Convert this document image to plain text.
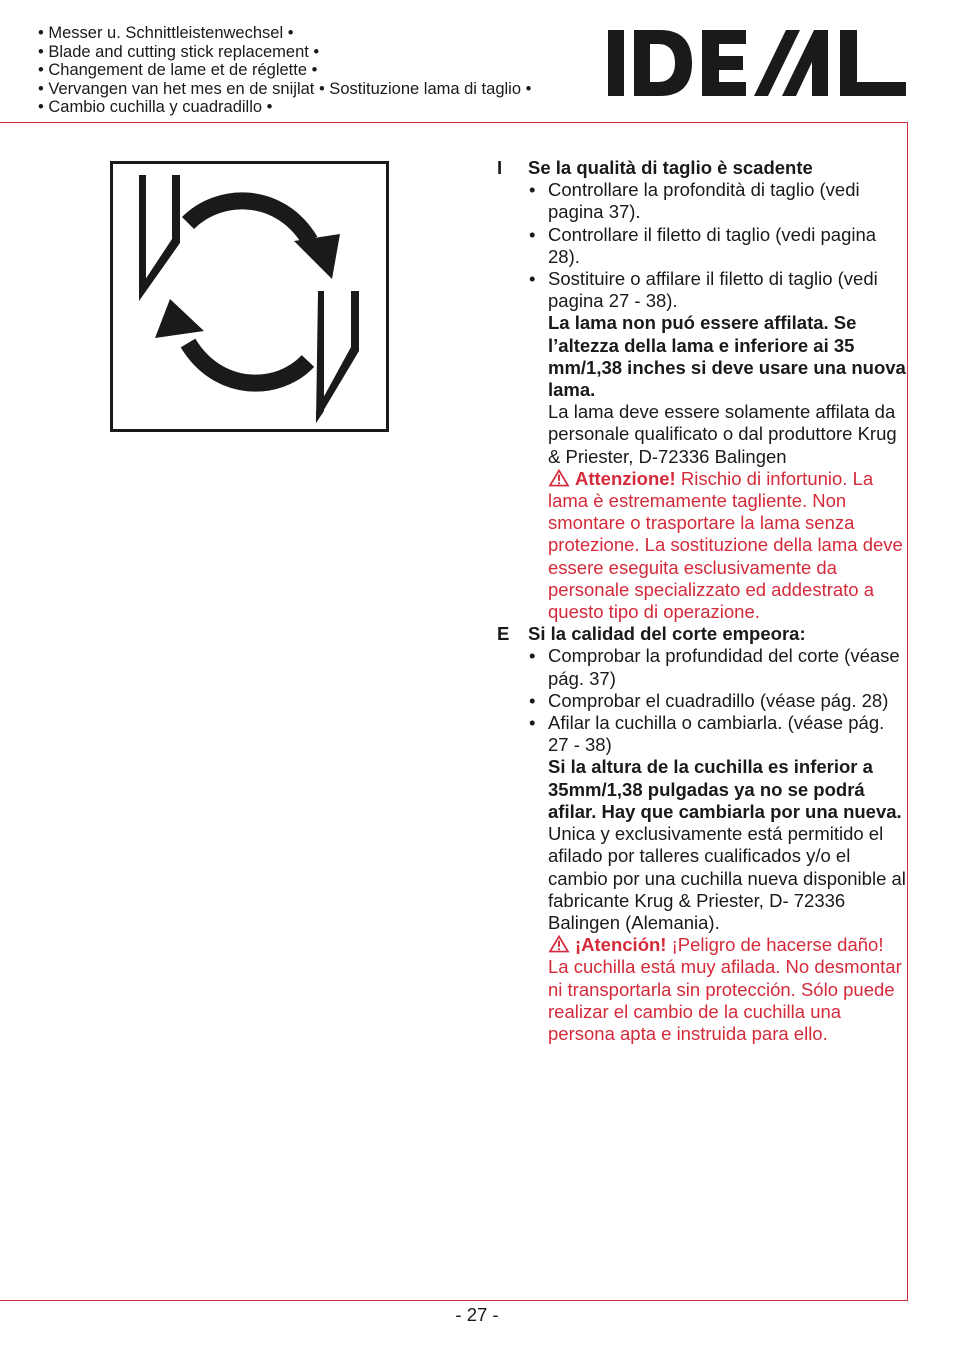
• Messer u. Schnittleistenwechsel •
• Blade and cutting stick replacement •
• Changement de lame et de réglette •
• Vervangen van het mes en de snijlat • Sostituzione lama di taglio •
• Cambio cuchilla y cuadradillo •
I	Se la qualità di taglio è scadente
• Controllare la profondità di taglio (vedi pagina 37).
• Controllare il filetto di taglio (vedi pagina 28).
• Sostituire o affilare il filetto di taglio (vedi pagina 27 - 38).
La lama non puó essere affilata. Se l’altezza della lama e inferiore ai 35 mm/1,38 inches si deve usare una nuova lama.
La lama deve essere solamente affilata da personale qualificato o dal produttore Krug & Priester, D-72336 Balingen
Attenzione! Rischio di infortunio. La lama è estremamente tagliente. Non smontare o trasportare la lama senza protezione. La sostituzione della lama deve essere eseguita esclusivamente da personale specializzato ed addestrato a questo tipo di operazione.
E	Si la calidad del corte empeora:
• Comprobar la profundidad del corte (véase pág. 37)
• Comprobar el cuadradillo (véase pág. 28)
• Afilar la cuchilla o cambiarla. (véase pág. 27 - 38)
Si la altura de la cuchilla es inferior a 35mm/1,38 pulgadas ya no se podrá afilar. Hay que cambiarla por una nueva. Unica y exclusivamente está permitido el afilado por talleres cualificados y/o el cambio por una cuchilla nueva disponible al fabricante Krug & Priester, D- 72336 Balingen (Alemania).
¡Atención! ¡Peligro de hacerse daño! La cuchilla está muy afilada. No desmontar ni transportarla sin protección. Sólo puede realizar el cambio de la cuchilla una persona apta e instruida para ello.
- 27 -
